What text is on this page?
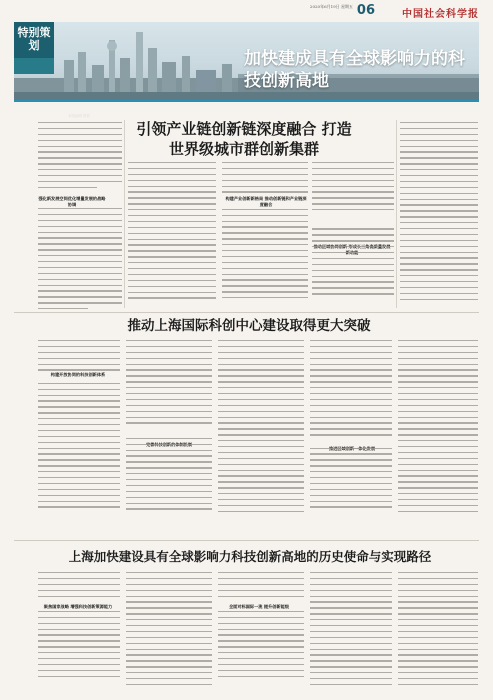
06	中国社会科学报
2020年6月19日 星期五
特别策划
加快建成具有全球影响力的科技创新高地
本版编辑 摄影
引领产业链创新链深度融合 打造世界级城市群创新集群
强化新发展空间优化增量发展的战略协调
构建产业创新新格局 推动创新链和产业链深度融合
推动上海国际科创中心建设取得更大突破
构建开放协同的科技创新体系
上海加快建设具有全球影响力科技创新高地的历史使命与实现路径
聚焦国家战略 增强科技创新策源能力	全面对标国际一流 提升创新能级
